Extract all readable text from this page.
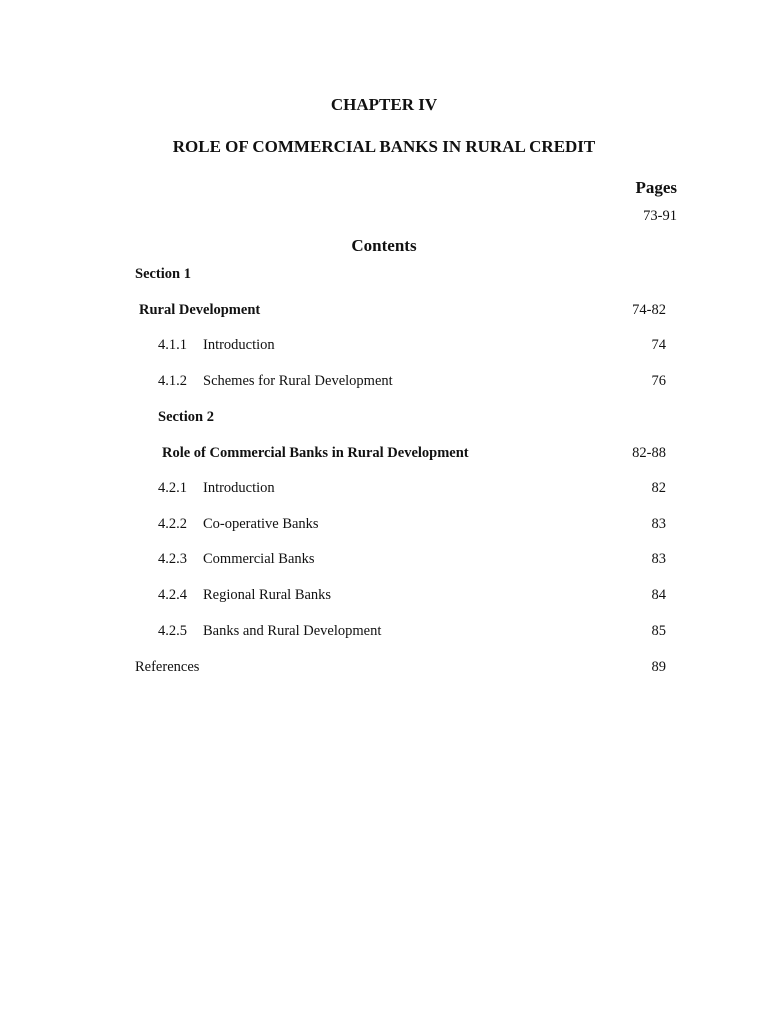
CHAPTER IV
ROLE OF COMMERCIAL BANKS IN RURAL CREDIT
Pages
73-91
Contents
Section 1
Rural Development	74-82
4.1.1 Introduction	74
4.1.2 Schemes for Rural Development	76
Section 2
Role of Commercial Banks in Rural Development	82-88
4.2.1 Introduction	82
4.2.2 Co-operative Banks	83
4.2.3 Commercial Banks	83
4.2.4 Regional Rural Banks	84
4.2.5 Banks and Rural Development	85
References	89
